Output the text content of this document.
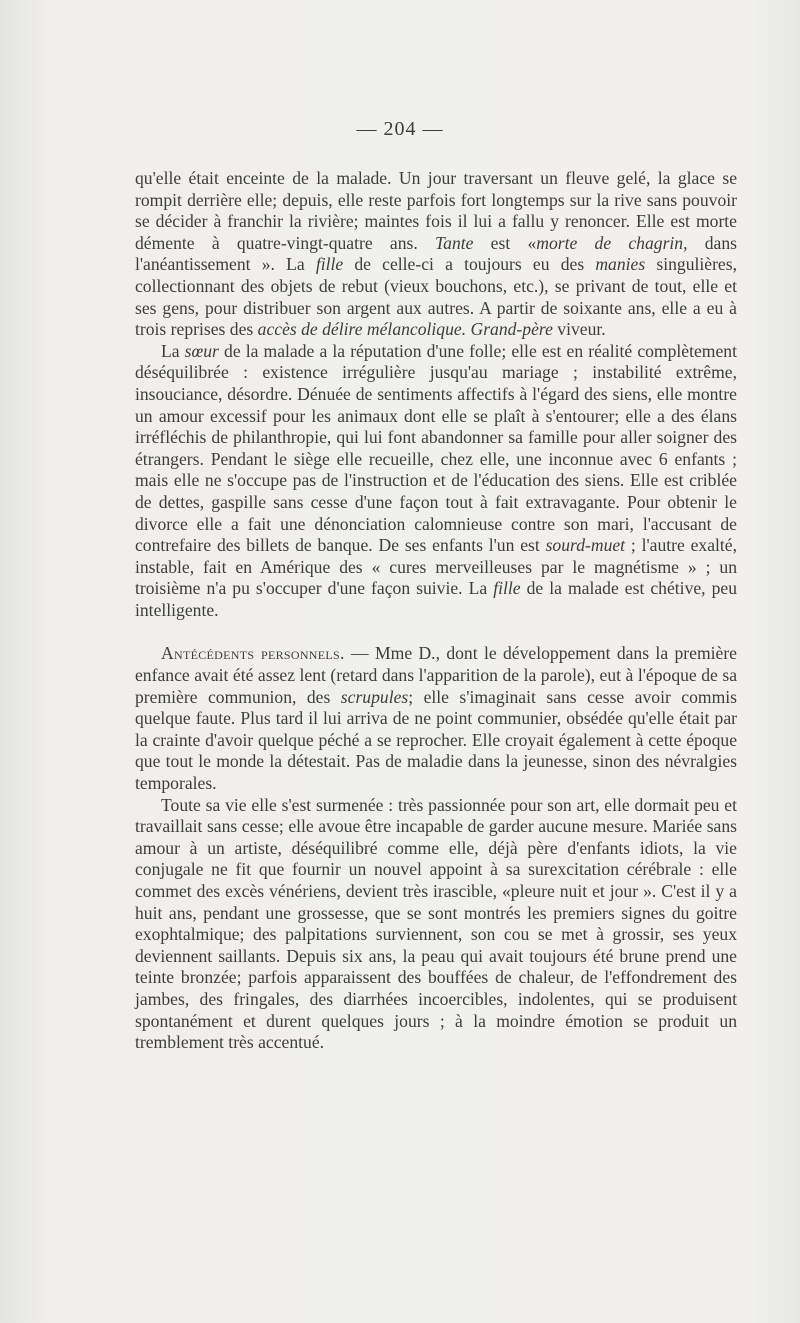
— 204 —

qu'elle était enceinte de la malade. Un jour traversant un fleuve gelé, la glace se rompit derrière elle; depuis, elle reste parfois fort longtemps sur la rive sans pouvoir se décider à franchir la rivière; maintes fois il lui a fallu y renoncer. Elle est morte démente à quatre-vingt-quatre ans. Tante est «morte de chagrin, dans l'anéantissement ». La fille de celle-ci a toujours eu des manies singulières, collectionnant des objets de rebut (vieux bouchons, etc.), se privant de tout, elle et ses gens, pour distribuer son argent aux autres. A partir de soixante ans, elle a eu à trois reprises des accès de délire mélancolique. Grand-père viveur.

La sœur de la malade a la réputation d'une folle; elle est en réalité complètement déséquilibrée : existence irrégulière jusqu'au mariage ; instabilité extrême, insouciance, désordre. Dénuée de sentiments affectifs à l'égard des siens, elle montre un amour excessif pour les animaux dont elle se plaît à s'entourer; elle a des élans irréfléchis de philanthropie, qui lui font abandonner sa famille pour aller soigner des étrangers. Pendant le siège elle recueille, chez elle, une inconnue avec 6 enfants ; mais elle ne s'occupe pas de l'instruction et de l'éducation des siens. Elle est criblée de dettes, gaspille sans cesse d'une façon tout à fait extravagante. Pour obtenir le divorce elle a fait une dénonciation calomnieuse contre son mari, l'accusant de contrefaire des billets de banque. De ses enfants l'un est sourd-muet ; l'autre exalté, instable, fait en Amérique des « cures merveilleuses par le magnétisme » ; un troisième n'a pu s'occuper d'une façon suivie. La fille de la malade est chétive, peu intelligente.

Antécédents personnels. — Mme D., dont le développement dans la première enfance avait été assez lent (retard dans l'apparition de la parole), eut à l'époque de sa première communion, des scrupules; elle s'imaginait sans cesse avoir commis quelque faute. Plus tard il lui arriva de ne point communier, obsédée qu'elle était par la crainte d'avoir quelque péché a se reprocher. Elle croyait également à cette époque que tout le monde la détestait. Pas de maladie dans la jeunesse, sinon des névralgies temporales.

Toute sa vie elle s'est surmenée : très passionnée pour son art, elle dormait peu et travaillait sans cesse; elle avoue être incapable de garder aucune mesure. Mariée sans amour à un artiste, déséquilibré comme elle, déjà père d'enfants idiots, la vie conjugale ne fit que fournir un nouvel appoint à sa surexcitation cérébrale : elle commet des excès vénériens, devient très irascible, «pleure nuit et jour ». C'est il y a huit ans, pendant une grossesse, que se sont montrés les premiers signes du goitre exophtalmique; des palpitations surviennent, son cou se met à grossir, ses yeux deviennent saillants. Depuis six ans, la peau qui avait toujours été brune prend une teinte bronzée; parfois apparaissent des bouffées de chaleur, de l'effondrement des jambes, des fringales, des diarrhées incoercibles, indolentes, qui se produisent spontanément et durent quelques jours ; à la moindre émotion se produit un tremblement très accentué.
